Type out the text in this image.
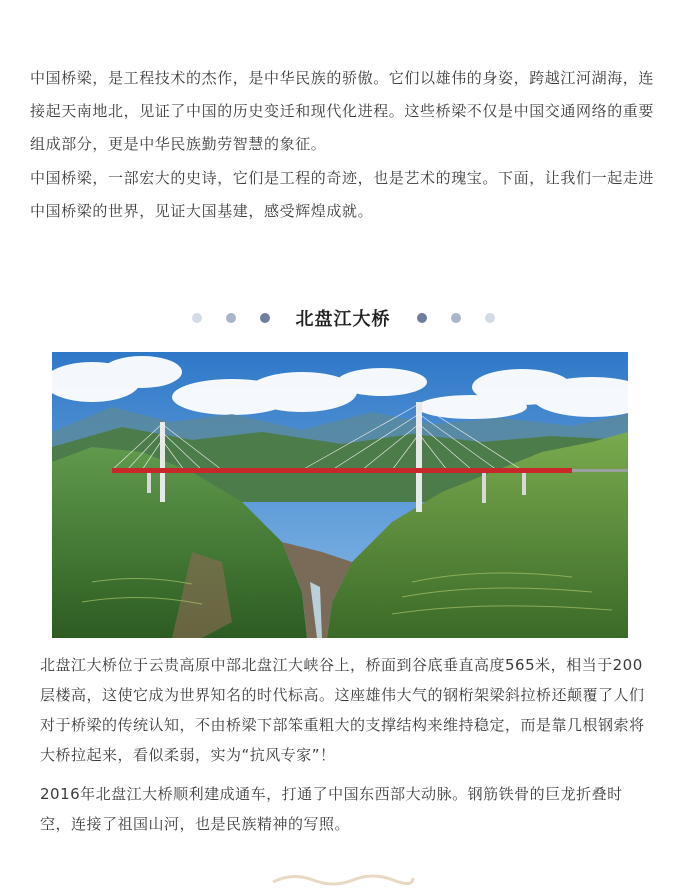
中国桥梁，是工程技术的杰作，是中华民族的骄傲。它们以雄伟的身姿，跨越江河湖海，连接起天南地北，见证了中国的历史变迁和现代化进程。这些桥梁不仅是中国交通网络的重要组成部分，更是中华民族勤劳智慧的象征。

中国桥梁，一部宏大的史诗，它们是工程的奇迹，也是艺术的瑰宝。下面，让我们一起走进中国桥梁的世界，见证大国基建，感受辉煌成就。

北盘江大桥

北盘江大桥位于云贵高原中部北盘江大峡谷上，桥面到谷底垂直高度565米，相当于200层楼高，这使它成为世界知名的时代标高。这座雄伟大气的钢桁架梁斜拉桥还颠覆了人们对于桥梁的传统认知，不由桥梁下部笨重粗大的支撑结构来维持稳定，而是靠几根钢索将大桥拉起来，看似柔弱，实为“抗风专家”！

2016年北盘江大桥顺利建成通车，打通了中国东西部大动脉。钢筋铁骨的巨龙折叠时空，连接了祖国山河，也是民族精神的写照。
